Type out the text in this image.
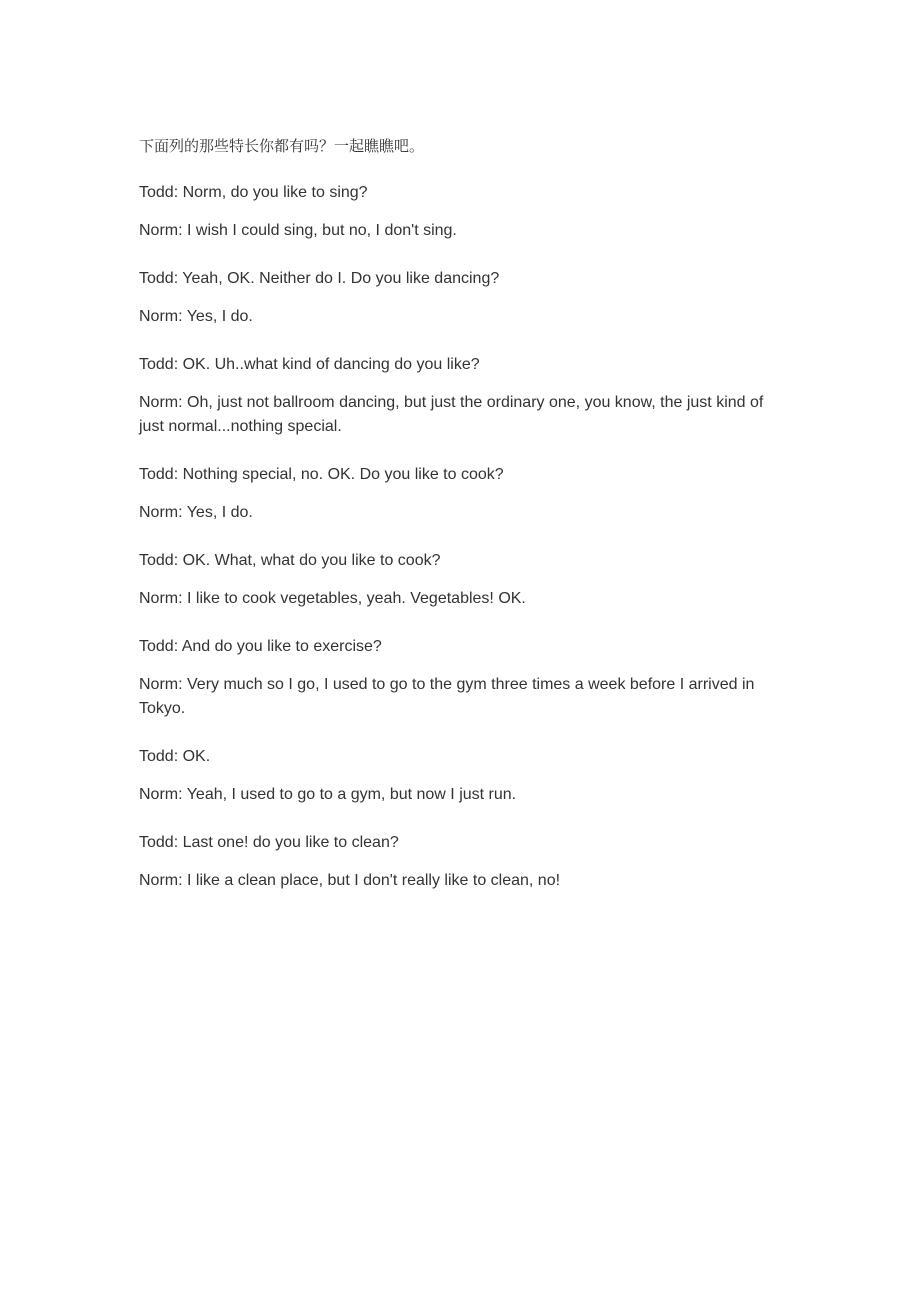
下面列的那些特长你都有吗？一起瞧瞧吧。

Todd: Norm, do you like to sing?

Norm: I wish I could sing, but no, I don't sing.

Todd: Yeah, OK. Neither do I. Do you like dancing?

Norm: Yes, I do.

Todd: OK. Uh..what kind of dancing do you like?

Norm: Oh, just not ballroom dancing, but just the ordinary one, you know, the just kind of just normal...nothing special.

Todd: Nothing special, no. OK. Do you like to cook?

Norm: Yes, I do.

Todd: OK. What, what do you like to cook?

Norm: I like to cook vegetables, yeah. Vegetables! OK.

Todd: And do you like to exercise?

Norm: Very much so I go, I used to go to the gym three times a week before I arrived in Tokyo.

Todd: OK.

Norm: Yeah, I used to go to a gym, but now I just run.

Todd: Last one! do you like to clean?

Norm: I like a clean place, but I don't really like to clean, no!
